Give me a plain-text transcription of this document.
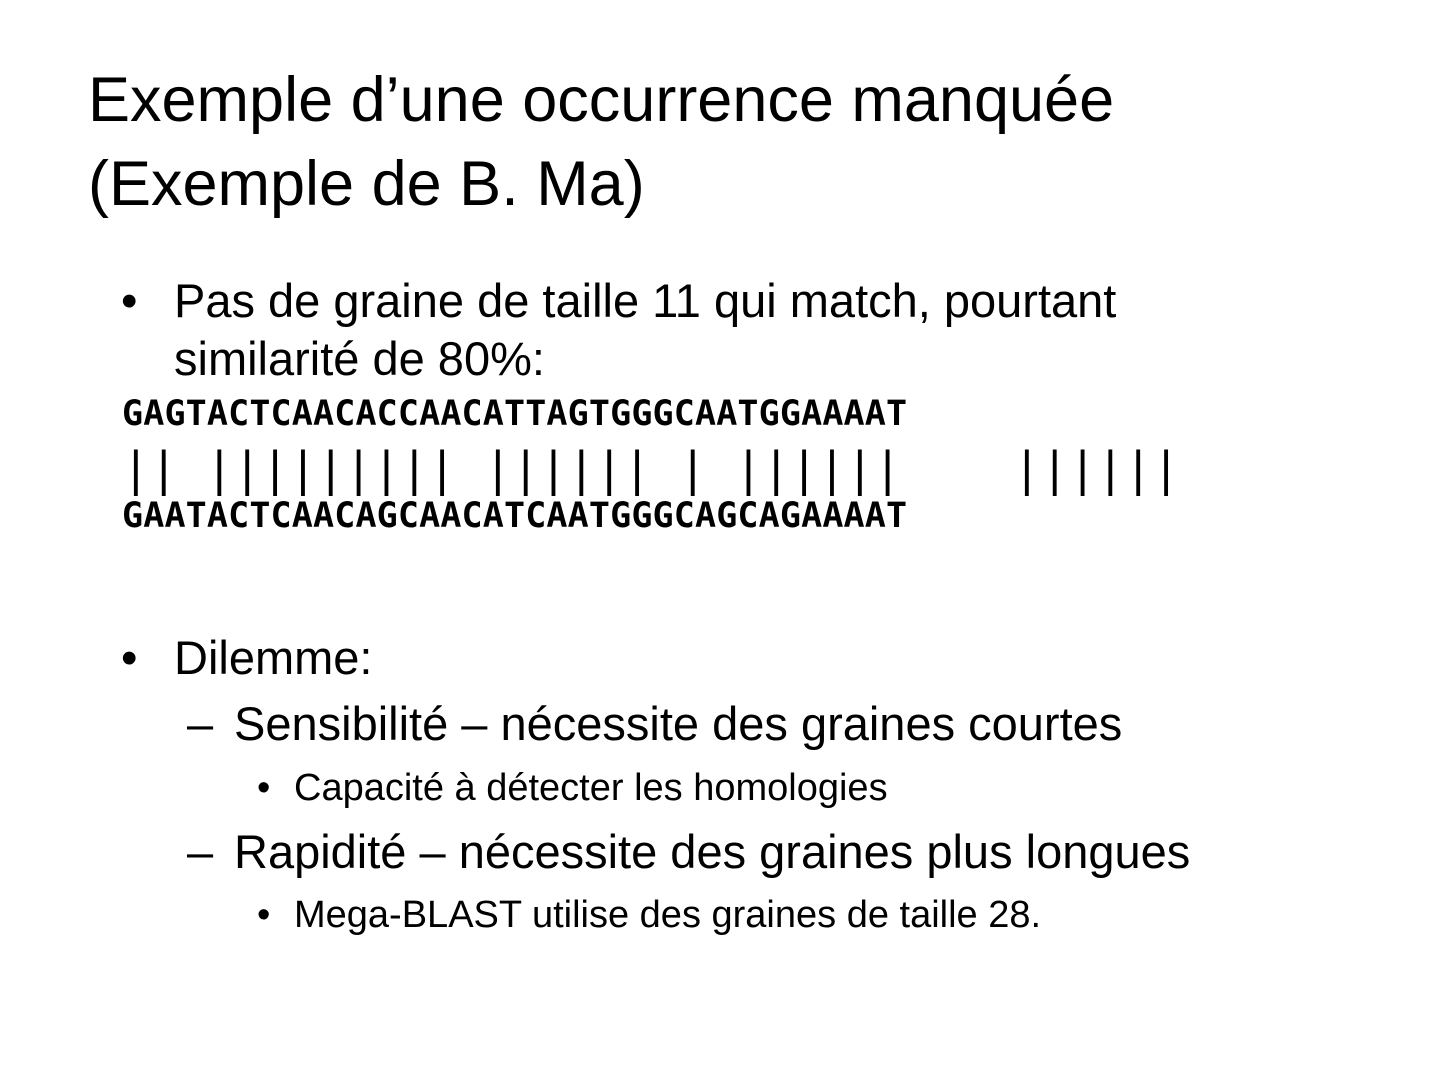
Exemple d’une occurrence manquée
(Exemple de B. Ma)
• Pas de graine de taille 11 qui match, pourtant
similarité de 80%:
GAGTACTCAACACCAACATTAGTGGGCAATGGAAAAT
|| ||||||||| |||||| | ||||||    ||||||
GAATACTCAACAGCAACATCAATGGGCAGCAGAAAAT
• Dilemme:
– Sensibilité – nécessite des graines courtes
• Capacité à détecter les homologies
– Rapidité – nécessite des graines plus longues
• Mega-BLAST utilise des graines de taille 28.
